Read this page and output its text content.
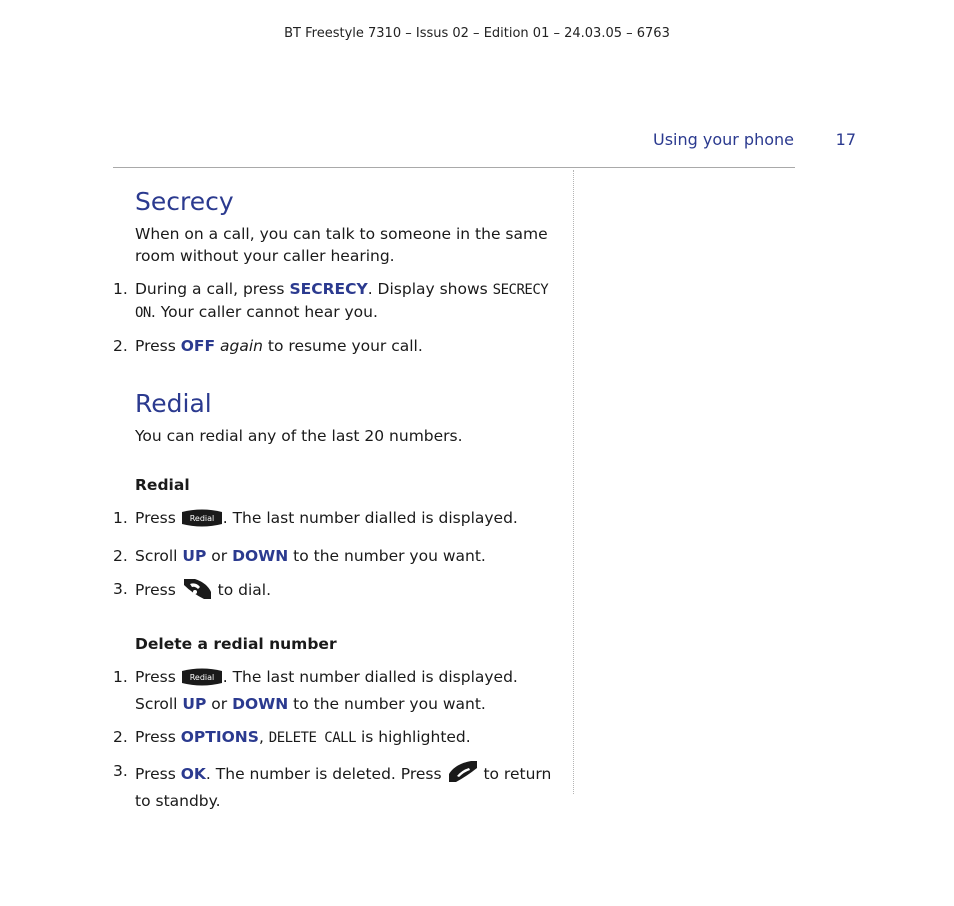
BT Freestyle 7310 – Issus 02 – Edition 01 – 24.03.05 – 6763
Using your phone	17
Secrecy

When on a call, you can talk to someone in the same room without your caller hearing.

1. During a call, press SECRECY. Display shows SECRECY ON. Your caller cannot hear you.
2. Press OFF again to resume your call.
Redial

You can redial any of the last 20 numbers.

Redial
1. Press Redial . The last number dialled is displayed.
2. Scroll UP or DOWN to the number you want.
3. Press  to dial.
Delete a redial number
1. Press Redial . The last number dialled is displayed. Scroll UP or DOWN to the number you want.
2. Press OPTIONS, DELETE CALL is highlighted.
3. Press OK. The number is deleted. Press  to return to standby.
